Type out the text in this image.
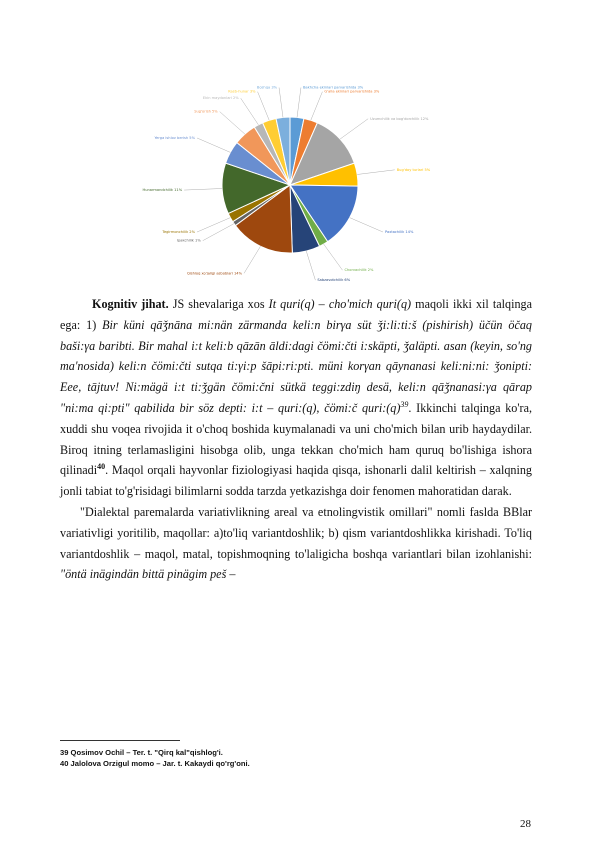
Bakhcha ekinlari parvarishida 3%
G'alla ekinlari parvarishida 3%
Uzumchilik va bog'dorchilik 12%
Bug'doy turlari 5%
Paxtachilik 14%
Chorvachilik 2%
Sabzavotchilik 6%
Qishloq xo'jaligi asboblari 14%
Ipakchilik 1%
Tegirmonchilik 2%
Hunarmandchilik 11%
Yerga ishlov berish 5%
Sug'orish 5%
Ekin maydonlari 2%
Kasb-hunar 3%
Boshqa 3%

Kognitiv jihat. JS shevalariga xos It quri(q) – cho'mich quri(q) maqoli ikki xil talqinga ega: 1) Bir küni qāǯnāna mi:nän zärmanda keli:n birγa süt ǯi:li:ti:š (pishirish) üčün öčaq baši:γa baribti. Bir mahal i:t keli:b qāzān āldi:dagi čömi:čti i:skäpti, ǯaläpti. asan (keyin, so'ng ma'nosida) keli:n čömi:čti sutqa ti:γi:p šāpi:ri:pti. müni korγan qāynanasi keli:ni:ni: ǯonipti: Eee, tājtuv! Ni:mägä i:t ti:ǯgän čömi:čni sütkä teggi:zdiŋ desä, keli:n qāǯnanasi:γa qārap "ni:ma qi:pti" qabilida bir söz depti: i:t – quri:(q), čömi:č $quri:(q)^{39}$. Ikkinchi talqinga ko'ra, xuddi shu voqea rivojida it o'choq boshida kuymalanadi va uni cho'mich bilan urib haydaydilar. Biroq itning terlamasligini hisobga olib, unga tekkan cho'mich ham quruq bo'lishiga ishora qilinadi$^{40}$. Maqol orqali hayvonlar fiziologiyasi haqida qisqa, ishonarli dalil keltirish – xalqning jonli tabiat to'g'risidagi bilimlarni sodda tarzda yetkazishga doir fenomen mahoratidan darak.

"Dialektal paremalarda variativlikning areal va etnolingvistik omillari" nomli faslda BBlar variativligi yoritilib, maqollar: a)to'liq variantdoshlik; b) qism variantdoshlikka kirishadi. To'liq variantdoshlik – maqol, matal, topishmoqning to'laligicha boshqa variantlari bilan izohlanishi: "öntä inägindän bittä pinägim peš –

39 Qosimov Ochil – Ter. t. "Qirq kal"qishlog'i.
40 Jalolova Orzigul momo – Jar. t. Kakaydi qo'rg'oni.
28
